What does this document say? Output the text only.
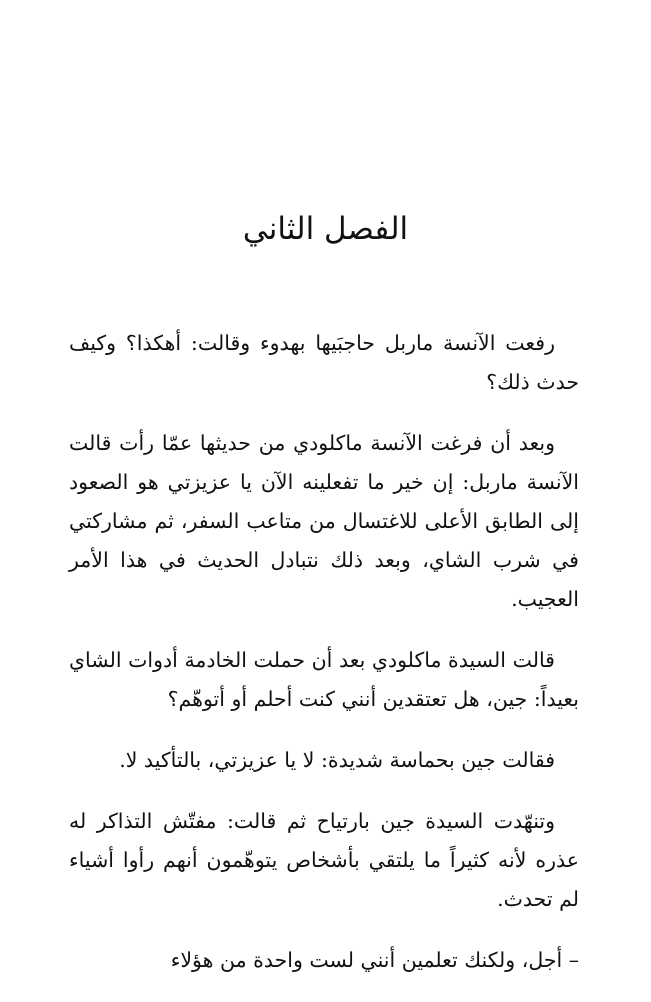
الفصل الثاني

رفعت الآنسة ماربل حاجبَيها بهدوء وقالت: أهكذا؟ وكيف حدث ذلك؟

وبعد أن فرغت الآنسة ماكلودي من حديثها عمّا رأت قالت الآنسة ماربل: إن خير ما تفعلينه الآن يا عزيزتي هو الصعود إلى الطابق الأعلى للاغتسال من متاعب السفر، ثم مشاركتي في شرب الشاي، وبعد ذلك نتبادل الحديث في هذا الأمر العجيب.

قالت السيدة ماكلودي بعد أن حملت الخادمة أدوات الشاي بعيداً: جين، هل تعتقدين أنني كنت أحلم أو أتوهّم؟

فقالت جين بحماسة شديدة: لا يا عزيزتي، بالتأكيد لا.

وتنهّدت السيدة جين بارتياح ثم قالت: مفتّش التذاكر له عذره لأنه كثيراً ما يلتقي بأشخاص يتوهّمون أنهم رأوا أشياء لم تحدث.

– أجل، ولكنك تعلمين أنني لست واحدة من هؤلاء
